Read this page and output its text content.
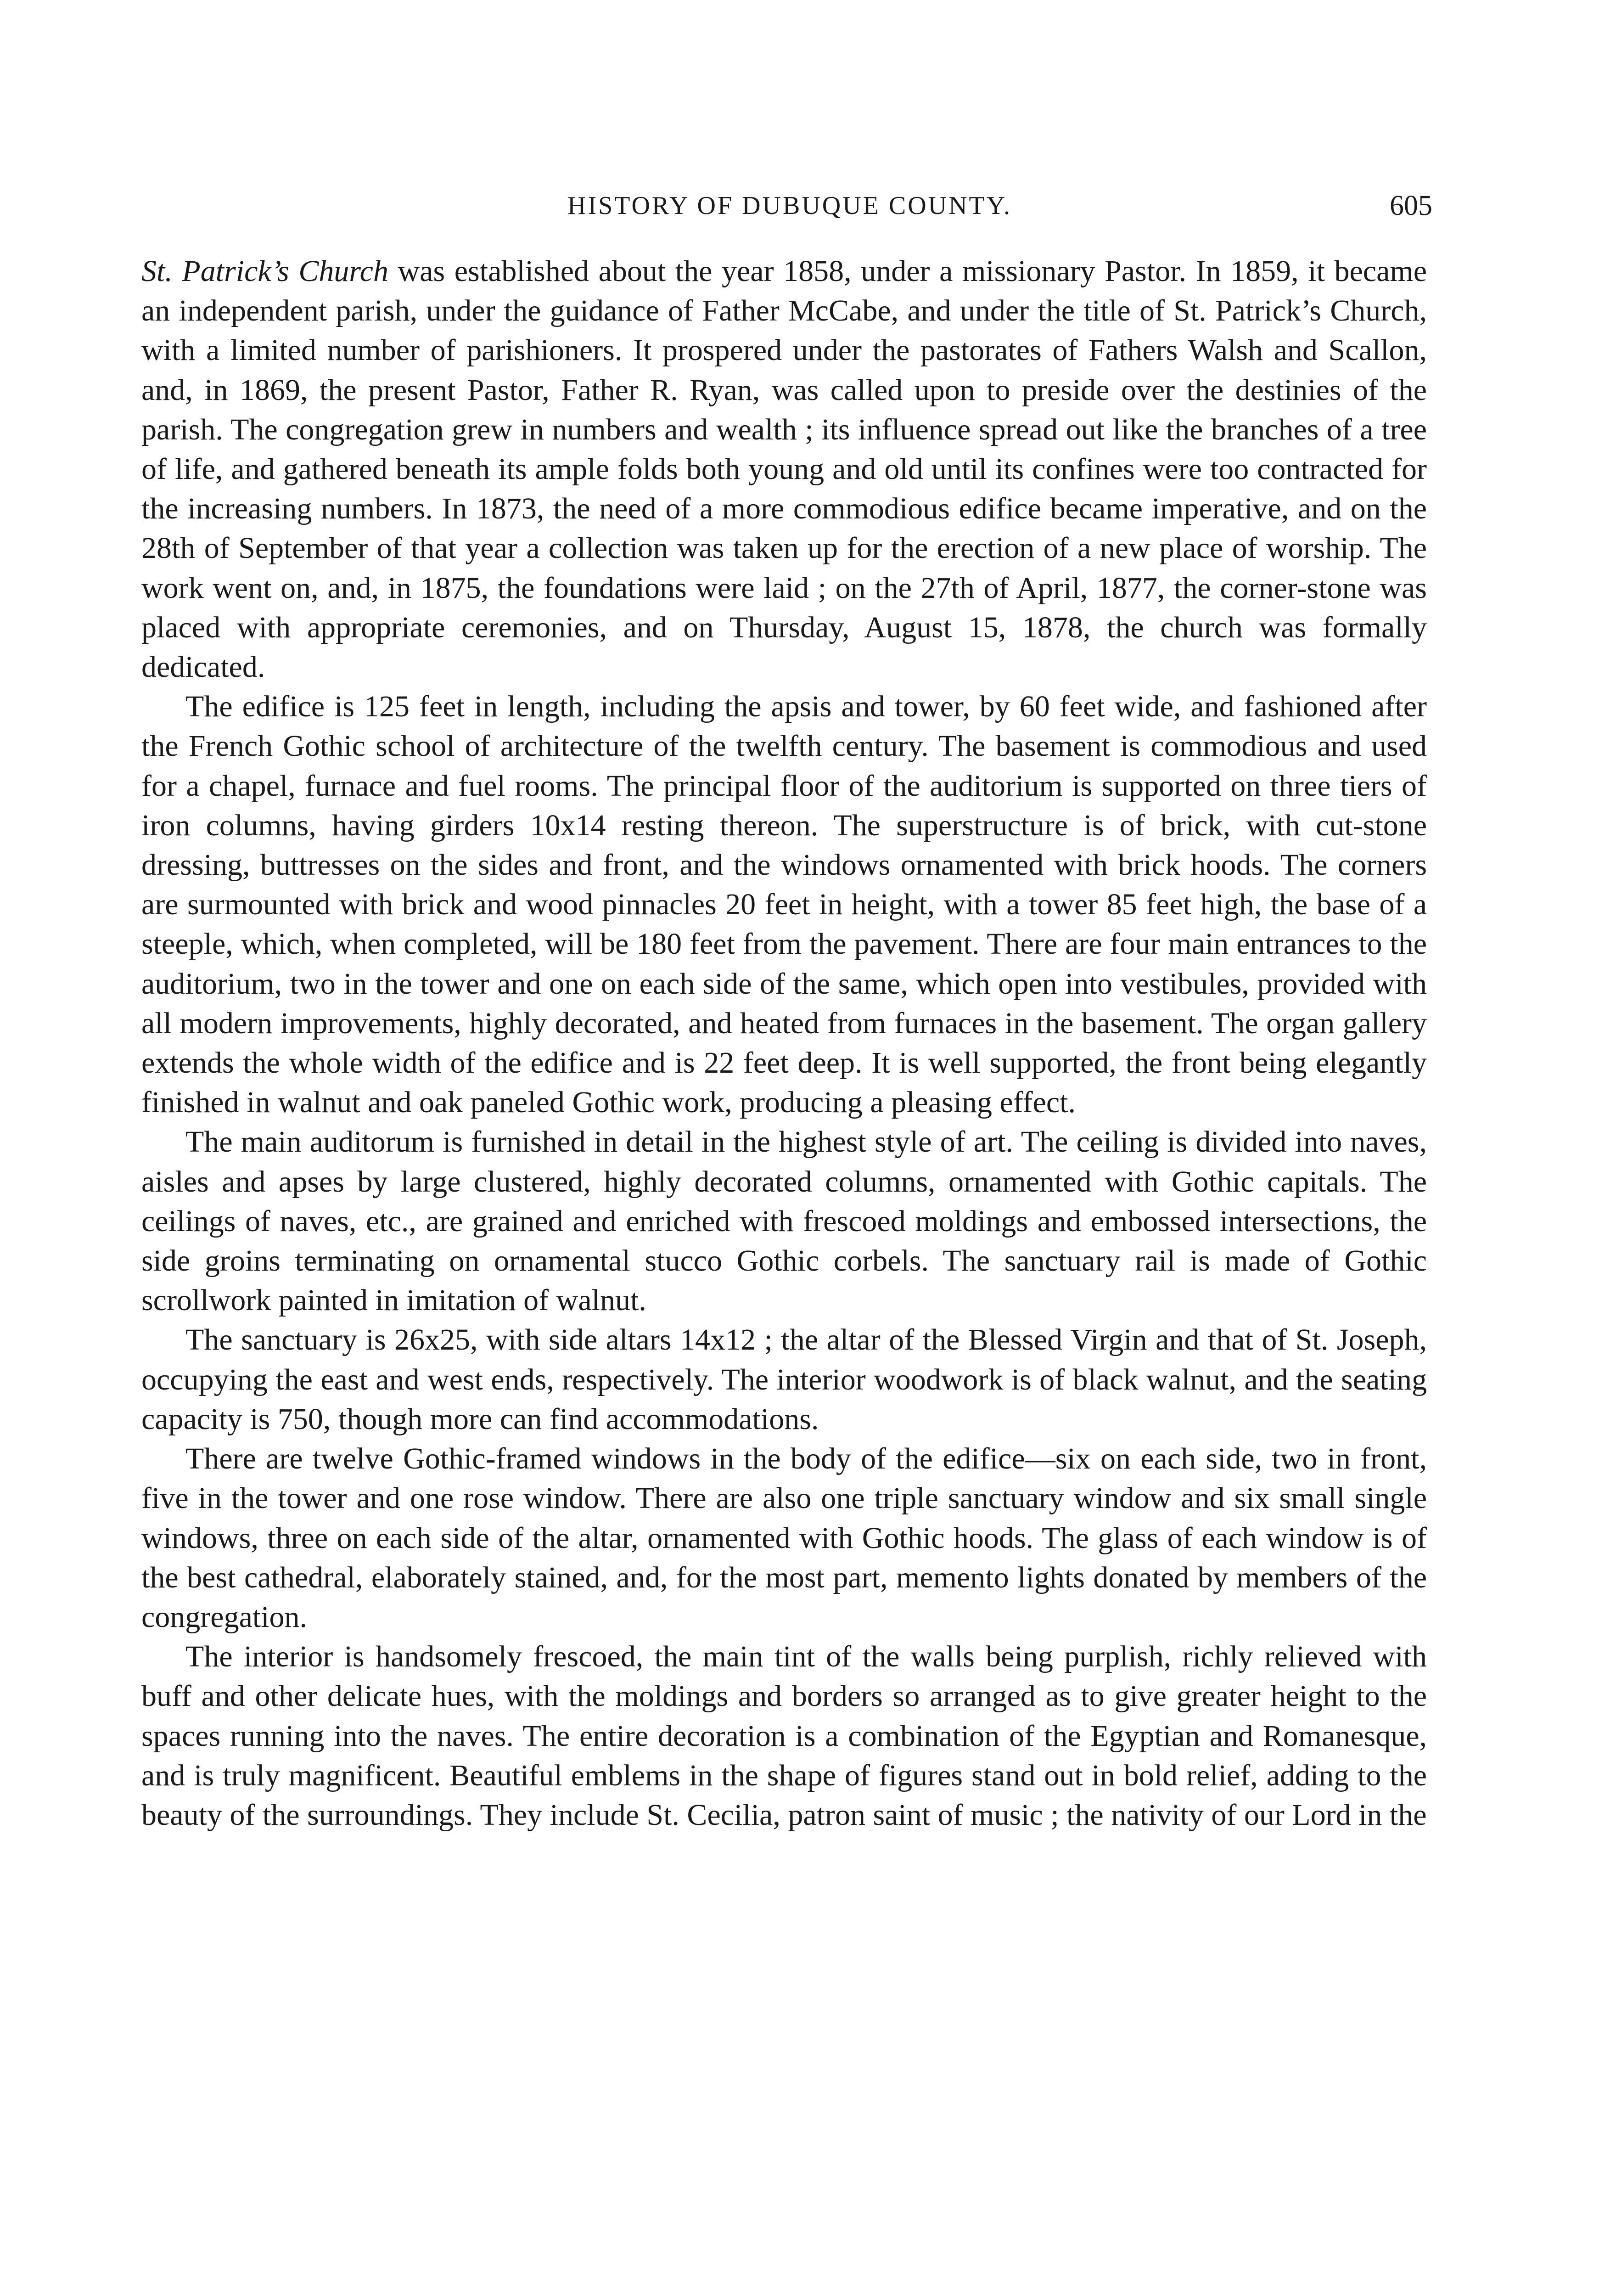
HISTORY OF DUBUQUE COUNTY.	605

St. Patrick’s Church was established about the year 1858, under a missionary Pastor. In 1859, it became an independent parish, under the guidance of Father McCabe, and under the title of St. Patrick’s Church, with a limited number of parishioners. It prospered under the pastorates of Fathers Walsh and Scallon, and, in 1869, the present Pastor, Father R. Ryan, was called upon to preside over the destinies of the parish. The congregation grew in numbers and wealth ; its influence spread out like the branches of a tree of life, and gathered beneath its ample folds both young and old until its confines were too contracted for the increasing numbers. In 1873, the need of a more commodious edifice became imperative, and on the 28th of September of that year a collection was taken up for the erection of a new place of worship. The work went on, and, in 1875, the foundations were laid ; on the 27th of April, 1877, the corner-stone was placed with appropriate ceremonies, and on Thursday, August 15, 1878, the church was formally dedicated.

The edifice is 125 feet in length, including the apsis and tower, by 60 feet wide, and fashioned after the French Gothic school of architecture of the twelfth century. The basement is commodious and used for a chapel, furnace and fuel rooms. The principal floor of the auditorium is supported on three tiers of iron columns, having girders 10x14 resting thereon. The superstructure is of brick, with cut-stone dressing, buttresses on the sides and front, and the windows ornamented with brick hoods. The corners are surmounted with brick and wood pinnacles 20 feet in height, with a tower 85 feet high, the base of a steeple, which, when completed, will be 180 feet from the pavement. There are four main entrances to the auditorium, two in the tower and one on each side of the same, which open into vestibules, provided with all modern improvements, highly decorated, and heated from furnaces in the basement. The organ gallery extends the whole width of the edifice and is 22 feet deep. It is well supported, the front being elegantly finished in walnut and oak paneled Gothic work, producing a pleasing effect.

The main auditorum is furnished in detail in the highest style of art. The ceiling is divided into naves, aisles and apses by large clustered, highly decorated columns, ornamented with Gothic capitals. The ceilings of naves, etc., are grained and enriched with frescoed moldings and embossed intersections, the side groins terminating on ornamental stucco Gothic corbels. The sanctuary rail is made of Gothic scrollwork painted in imitation of walnut.

The sanctuary is 26x25, with side altars 14x12 ; the altar of the Blessed Virgin and that of St. Joseph, occupying the east and west ends, respectively. The interior woodwork is of black walnut, and the seating capacity is 750, though more can find accommodations.

There are twelve Gothic-framed windows in the body of the edifice—six on each side, two in front, five in the tower and one rose window. There are also one triple sanctuary window and six small single windows, three on each side of the altar, ornamented with Gothic hoods. The glass of each window is of the best cathedral, elaborately stained, and, for the most part, memento lights donated by members of the congregation.

The interior is handsomely frescoed, the main tint of the walls being purplish, richly relieved with buff and other delicate hues, with the moldings and borders so arranged as to give greater height to the spaces running into the naves. The entire decoration is a combination of the Egyptian and Romanesque, and is truly magnificent. Beautiful emblems in the shape of figures stand out in bold relief, adding to the beauty of the surroundings. They include St. Cecilia, patron saint of music ; the nativity of our Lord in the
